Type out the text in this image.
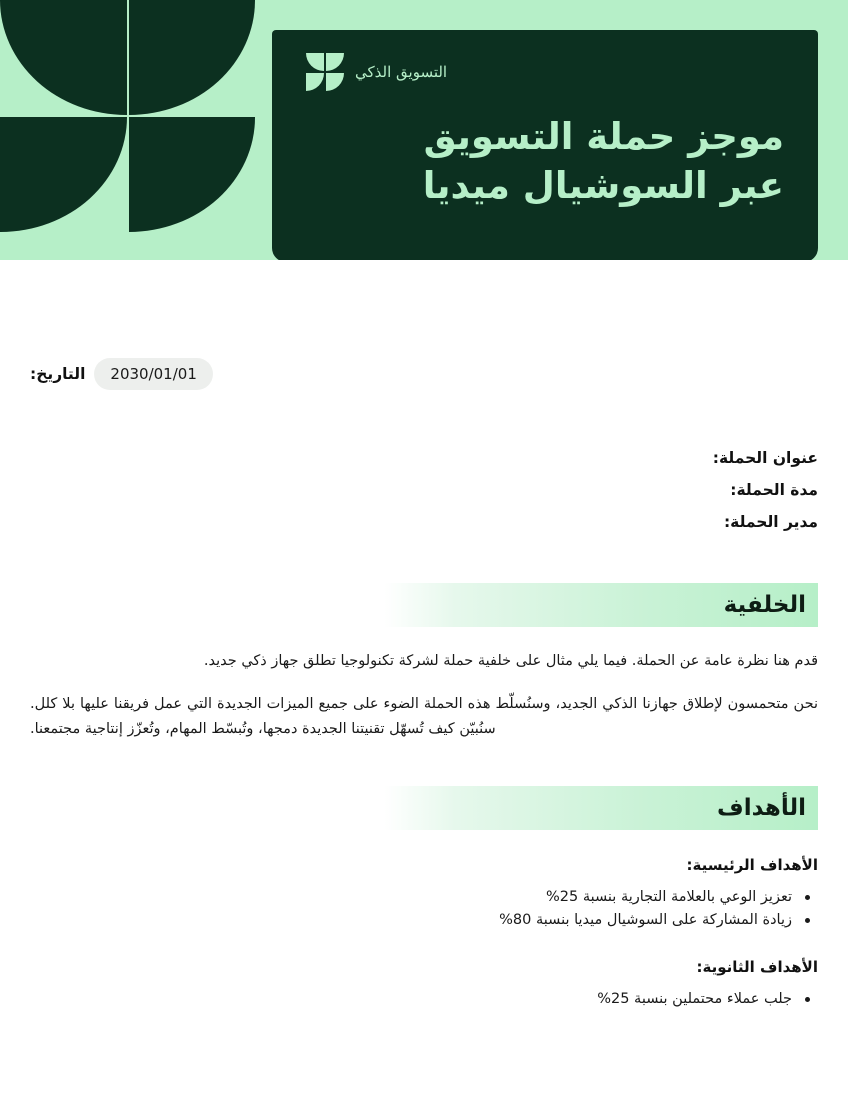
التسويق الذكي
موجز حملة التسويق
عبر السوشيال ميديا
التاريخ:	2030/01/01
عنوان الحملة:
مدة الحملة:
مدير الحملة:
الخلفية
قدم هنا نظرة عامة عن الحملة. فيما يلي مثال على خلفية حملة لشركة تكنولوجيا تطلق جهاز ذكي جديد.
نحن متحمسون لإطلاق جهازنا الذكي الجديد، وسنُسلّط هذه الحملة الضوء على جميع الميزات الجديدة التي عمل فريقنا عليها بلا كلل. سنُبيّن كيف تُسهّل تقنيتنا الجديدة دمجها، وتُبسّط المهام، وتُعزّز إنتاجية مجتمعنا.
الأهداف
الأهداف الرئيسية:
تعزيز الوعي بالعلامة التجارية بنسبة 25%
زيادة المشاركة على السوشيال ميديا بنسبة 80%
الأهداف الثانوية:
جلب عملاء محتملين بنسبة 25%
